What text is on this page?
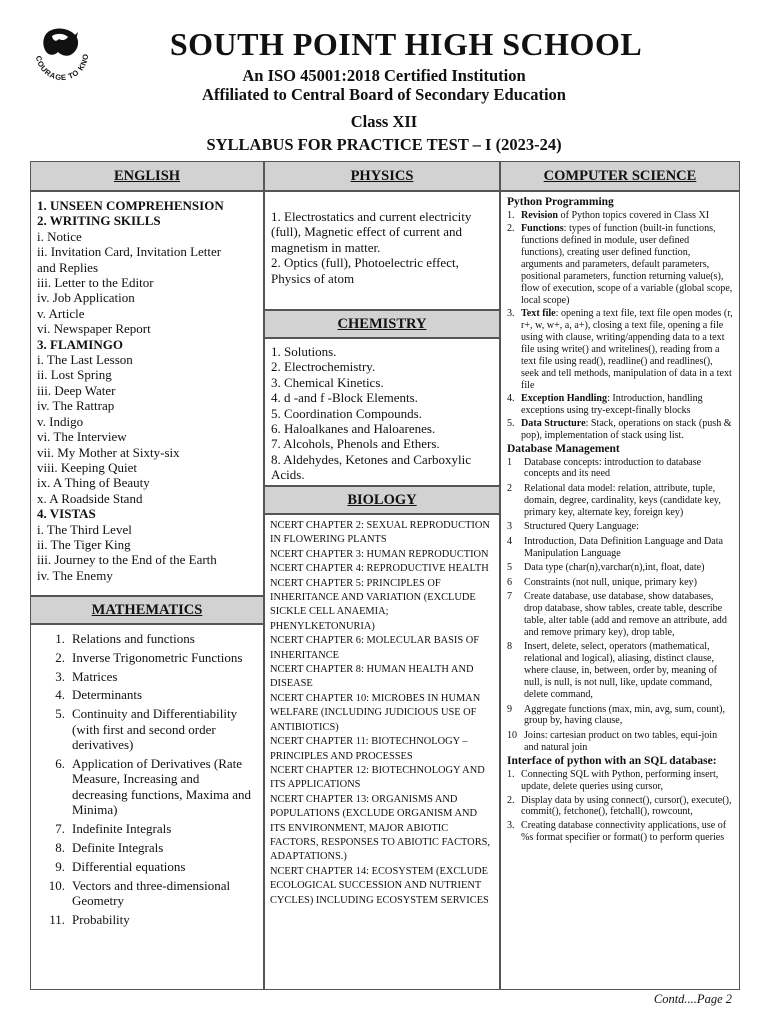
COURAGE TO KNO	SOUTH POINT HIGH SCHOOL
An ISO 45001:2018 Certified Institution
Affiliated to Central Board of Secondary Education
Class XII
SYLLABUS FOR PRACTICE TEST – I (2023-24)
ENGLISH
1. UNSEEN COMPREHENSION
2. WRITING SKILLS
i. Notice
ii. Invitation Card, Invitation Letter
and Replies
iii. Letter to the Editor
iv. Job Application
v. Article
vi. Newspaper Report
3. FLAMINGO
i. The Last Lesson
ii. Lost Spring
iii. Deep Water
iv. The Rattrap
v. Indigo
vi. The Interview
vii. My Mother at Sixty-six
viii. Keeping Quiet
ix. A Thing of Beauty
x. A Roadside Stand
4. VISTAS
i. The Third Level
ii. The Tiger King
iii. Journey to the End of the Earth
iv. The Enemy
MATHEMATICS
1. Relations and functions
2. Inverse Trigonometric Functions
3. Matrices
4. Determinants
5. Continuity and Differentiability (with first and second order derivatives)
6. Application of Derivatives (Rate Measure, Increasing and decreasing functions, Maxima and Minima)
7. Indefinite Integrals
8. Definite Integrals
9. Differential equations
10. Vectors and three-dimensional Geometry
11. Probability
PHYSICS
1. Electrostatics and current electricity (full), Magnetic effect of current and magnetism in matter.
2. Optics (full), Photoelectric effect, Physics of atom
CHEMISTRY
1. Solutions.
2. Electrochemistry.
3. Chemical Kinetics.
4. d -and f -Block Elements.
5. Coordination Compounds.
6. Haloalkanes and Haloarenes.
7. Alcohols, Phenols and Ethers.
8. Aldehydes, Ketones and Carboxylic Acids.
BIOLOGY
NCERT CHAPTER 2: SEXUAL REPRODUCTION IN FLOWERING PLANTS
NCERT CHAPTER 3: HUMAN REPRODUCTION
NCERT CHAPTER 4: REPRODUCTIVE HEALTH
NCERT CHAPTER 5: PRINCIPLES OF INHERITANCE AND VARIATION (EXCLUDE SICKLE CELL ANAEMIA; PHENYLKETONURIA)
NCERT CHAPTER 6: MOLECULAR BASIS OF INHERITANCE
NCERT CHAPTER 8: HUMAN HEALTH AND DISEASE
NCERT CHAPTER 10: MICROBES IN HUMAN WELFARE (INCLUDING JUDICIOUS USE OF ANTIBIOTICS)
NCERT CHAPTER 11: BIOTECHNOLOGY – PRINCIPLES AND PROCESSES
NCERT CHAPTER 12: BIOTECHNOLOGY AND ITS APPLICATIONS
NCERT CHAPTER 13: ORGANISMS AND POPULATIONS (EXCLUDE ORGANISM AND ITS ENVIRONMENT, MAJOR ABIOTIC FACTORS, RESPONSES TO ABIOTIC FACTORS, ADAPTATIONS.)
NCERT CHAPTER 14: ECOSYSTEM (EXCLUDE ECOLOGICAL SUCCESSION AND NUTRIENT CYCLES) INCLUDING ECOSYSTEM SERVICES
COMPUTER SCIENCE
Python Programming
1. Revision of Python topics covered in Class XI
2. Functions: types of function (built-in functions, functions defined in module, user defined functions), creating user defined function, arguments and parameters, default parameters, positional parameters, function returning value(s), flow of execution, scope of a variable (global scope, local scope)
3. Text file: opening a text file, text file open modes (r, r+, w, w+, a, a+), closing a text file, opening a file using with clause, writing/appending data to a text file using write() and writelines(), reading from a text file using read(), readline() and readlines(), seek and tell methods, manipulation of data in a text file
4. Exception Handling: Introduction, handling exceptions using try-except-finally blocks
5. Data Structure: Stack, operations on stack (push & pop), implementation of stack using list.
Database Management
1	Database concepts: introduction to database concepts and its need
2	Relational data model: relation, attribute, tuple, domain, degree, cardinality, keys (candidate key, primary key, alternate key, foreign key)
3	Structured Query Language:
4	Introduction, Data Definition Language and Data Manipulation Language
5	Data type (char(n),varchar(n),int, float, date)
6	Constraints (not null, unique, primary key)
7	Create database, use database, show databases, drop database, show tables, create table, describe table, alter table (add and remove an attribute, add and remove primary key), drop table,
8	Insert, delete, select, operators (mathematical, relational and logical), aliasing, distinct clause, where clause, in, between, order by, meaning of null, is null, is not null, like, update command, delete command,
9	Aggregate functions (max, min, avg, sum, count), group by, having clause,
10 Joins: cartesian product on two tables, equi-join and natural join
Interface of python with an SQL database:
1. Connecting SQL with Python, performing insert, update, delete queries using cursor,
2. Display data by using connect(), cursor(), execute(), commit(), fetchone(), fetchall(), rowcount,
3. Creating database connectivity applications, use of %s format specifier or format() to perform queries
Contd....Page 2
